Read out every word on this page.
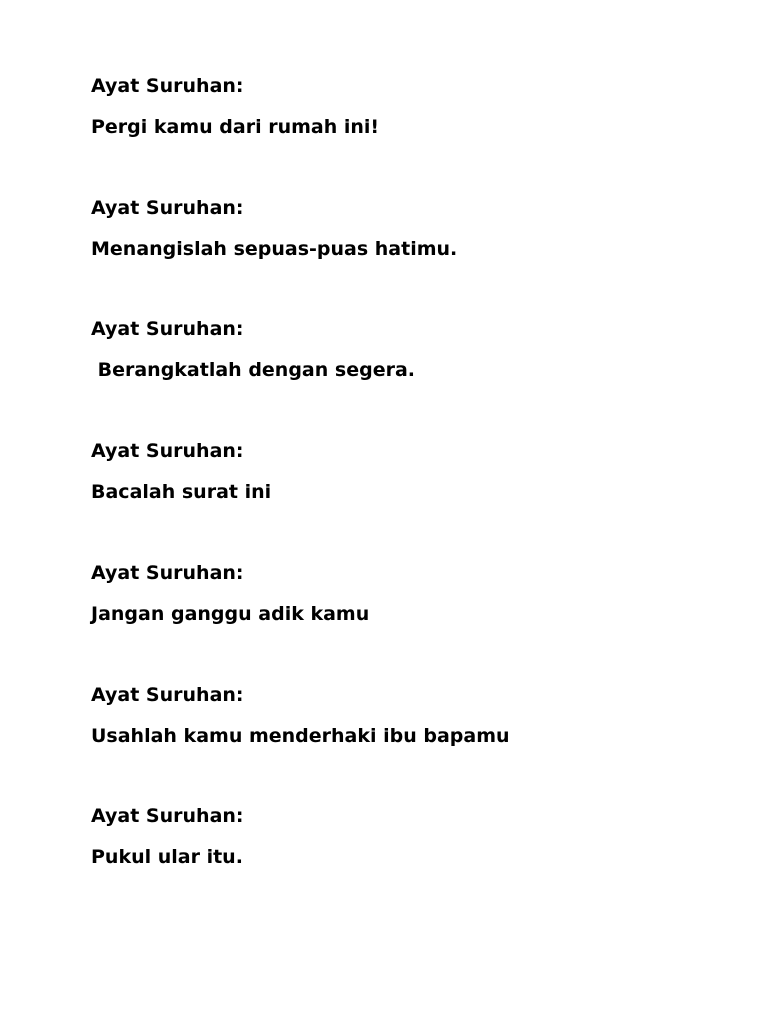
Ayat Suruhan:
Pergi kamu dari rumah ini!
Ayat Suruhan:
Menangislah sepuas-puas hatimu.
Ayat Suruhan:
Berangkatlah dengan segera.
Ayat Suruhan:
Bacalah surat ini
Ayat Suruhan:
Jangan ganggu adik kamu
Ayat Suruhan:
Usahlah kamu menderhaki ibu bapamu
Ayat Suruhan:
Pukul ular itu.
